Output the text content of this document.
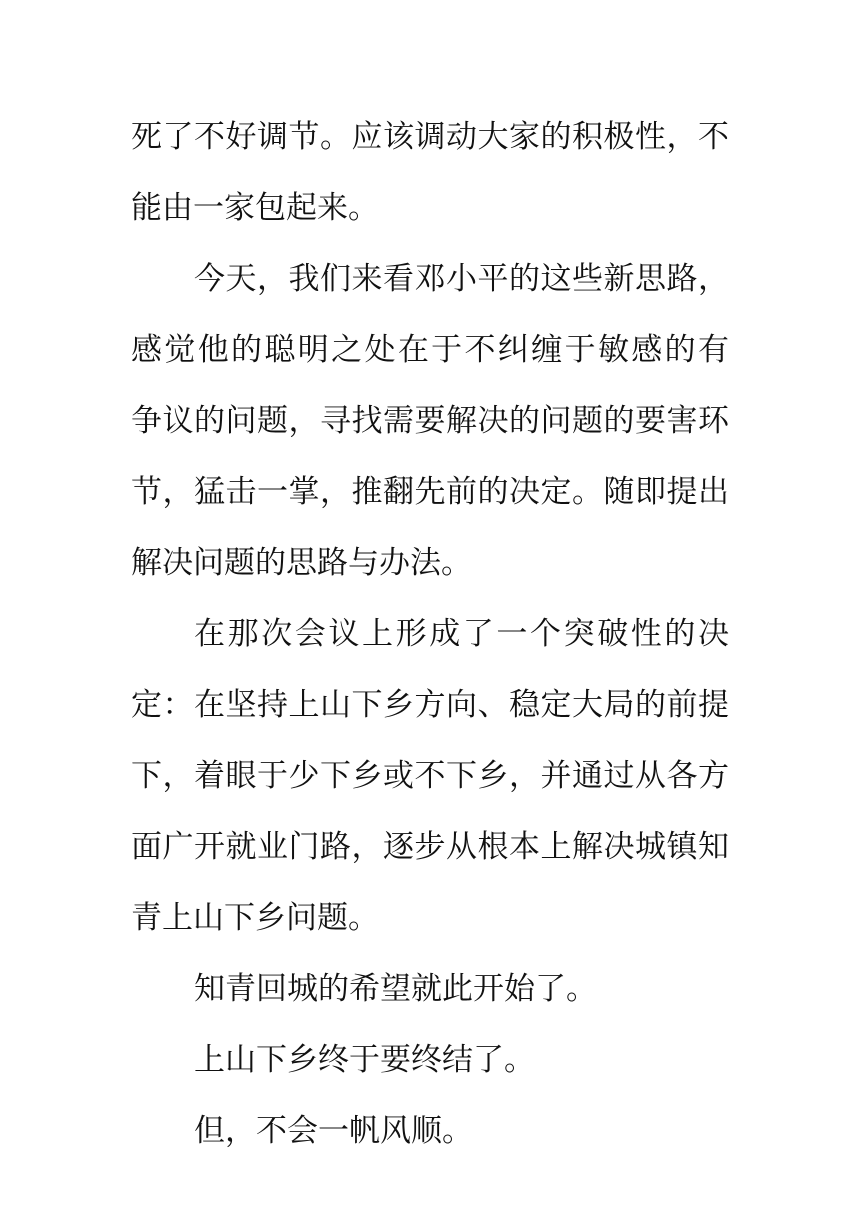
死了不好调节。应该调动大家的积极性，不
能由一家包起来。
今天，我们来看邓小平的这些新思路，
感觉他的聪明之处在于不纠缠于敏感的有
争议的问题，寻找需要解决的问题的要害环
节，猛击一掌，推翻先前的决定。随即提出
解决问题的思路与办法。
在那次会议上形成了一个突破性的决
定：在坚持上山下乡方向、稳定大局的前提
下，着眼于少下乡或不下乡，并通过从各方
面广开就业门路，逐步从根本上解决城镇知
青上山下乡问题。
知青回城的希望就此开始了。
上山下乡终于要终结了。
但，不会一帆风顺。
